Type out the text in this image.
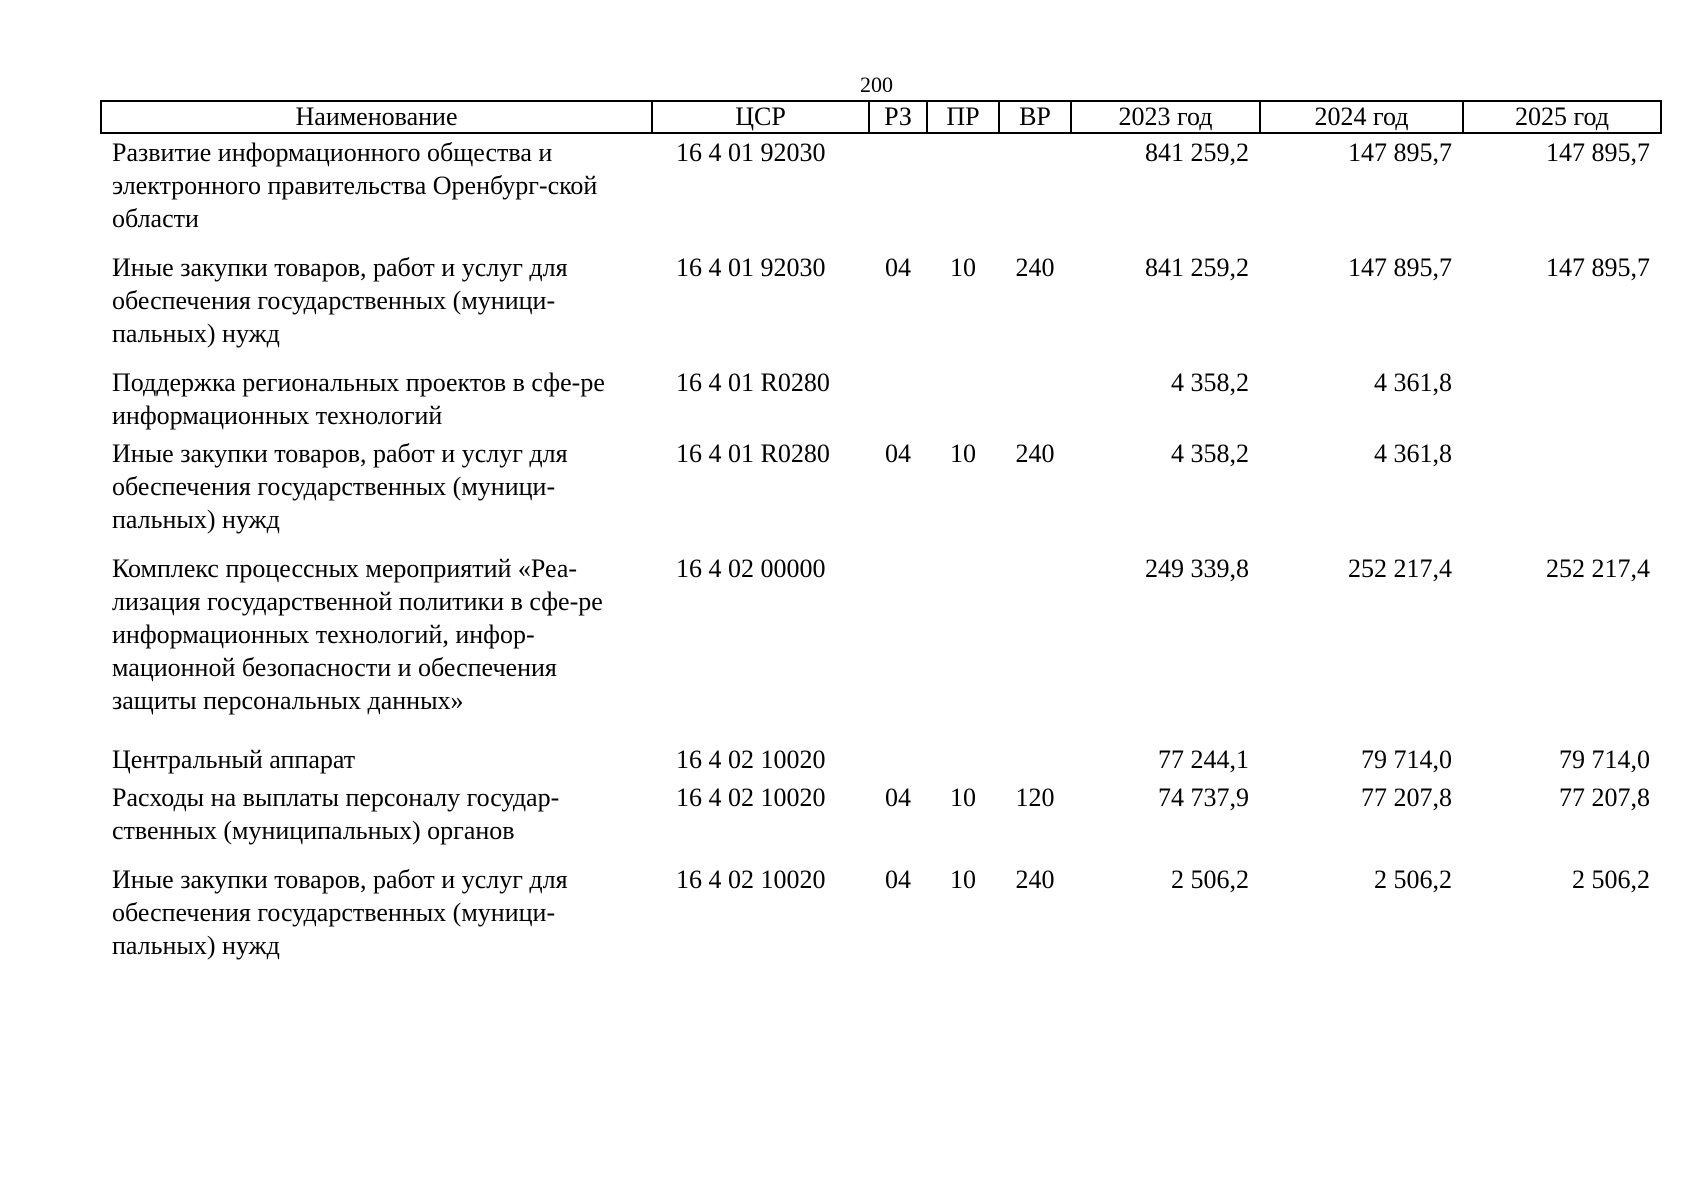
200
Наименование	ЦСР	РЗ	ПР	ВР	2023 год	2024 год	2025 год
Развитие информационного общества и электронного правительства Оренбург-ской области	16 4 01 92030				841 259,2	147 895,7	147 895,7
Иные закупки товаров, работ и услуг для обеспечения государственных (муници-пальных) нужд	16 4 01 92030	04	10	240	841 259,2	147 895,7	147 895,7
Поддержка региональных проектов в сфе-ре информационных технологий	16 4 01 R0280				4 358,2	4 361,8	
Иные закупки товаров, работ и услуг для обеспечения государственных (муници-пальных) нужд	16 4 01 R0280	04	10	240	4 358,2	4 361,8	
Комплекс процессных мероприятий «Реа-лизация государственной политики в сфе-ре информационных технологий, инфор-мационной безопасности и обеспечения защиты персональных данных»	16 4 02 00000				249 339,8	252 217,4	252 217,4
Центральный аппарат	16 4 02 10020				77 244,1	79 714,0	79 714,0
Расходы на выплаты персоналу государ-ственных (муниципальных) органов	16 4 02 10020	04	10	120	74 737,9	77 207,8	77 207,8
Иные закупки товаров, работ и услуг для обеспечения государственных (муници-пальных) нужд	16 4 02 10020	04	10	240	2 506,2	2 506,2	2 506,2
